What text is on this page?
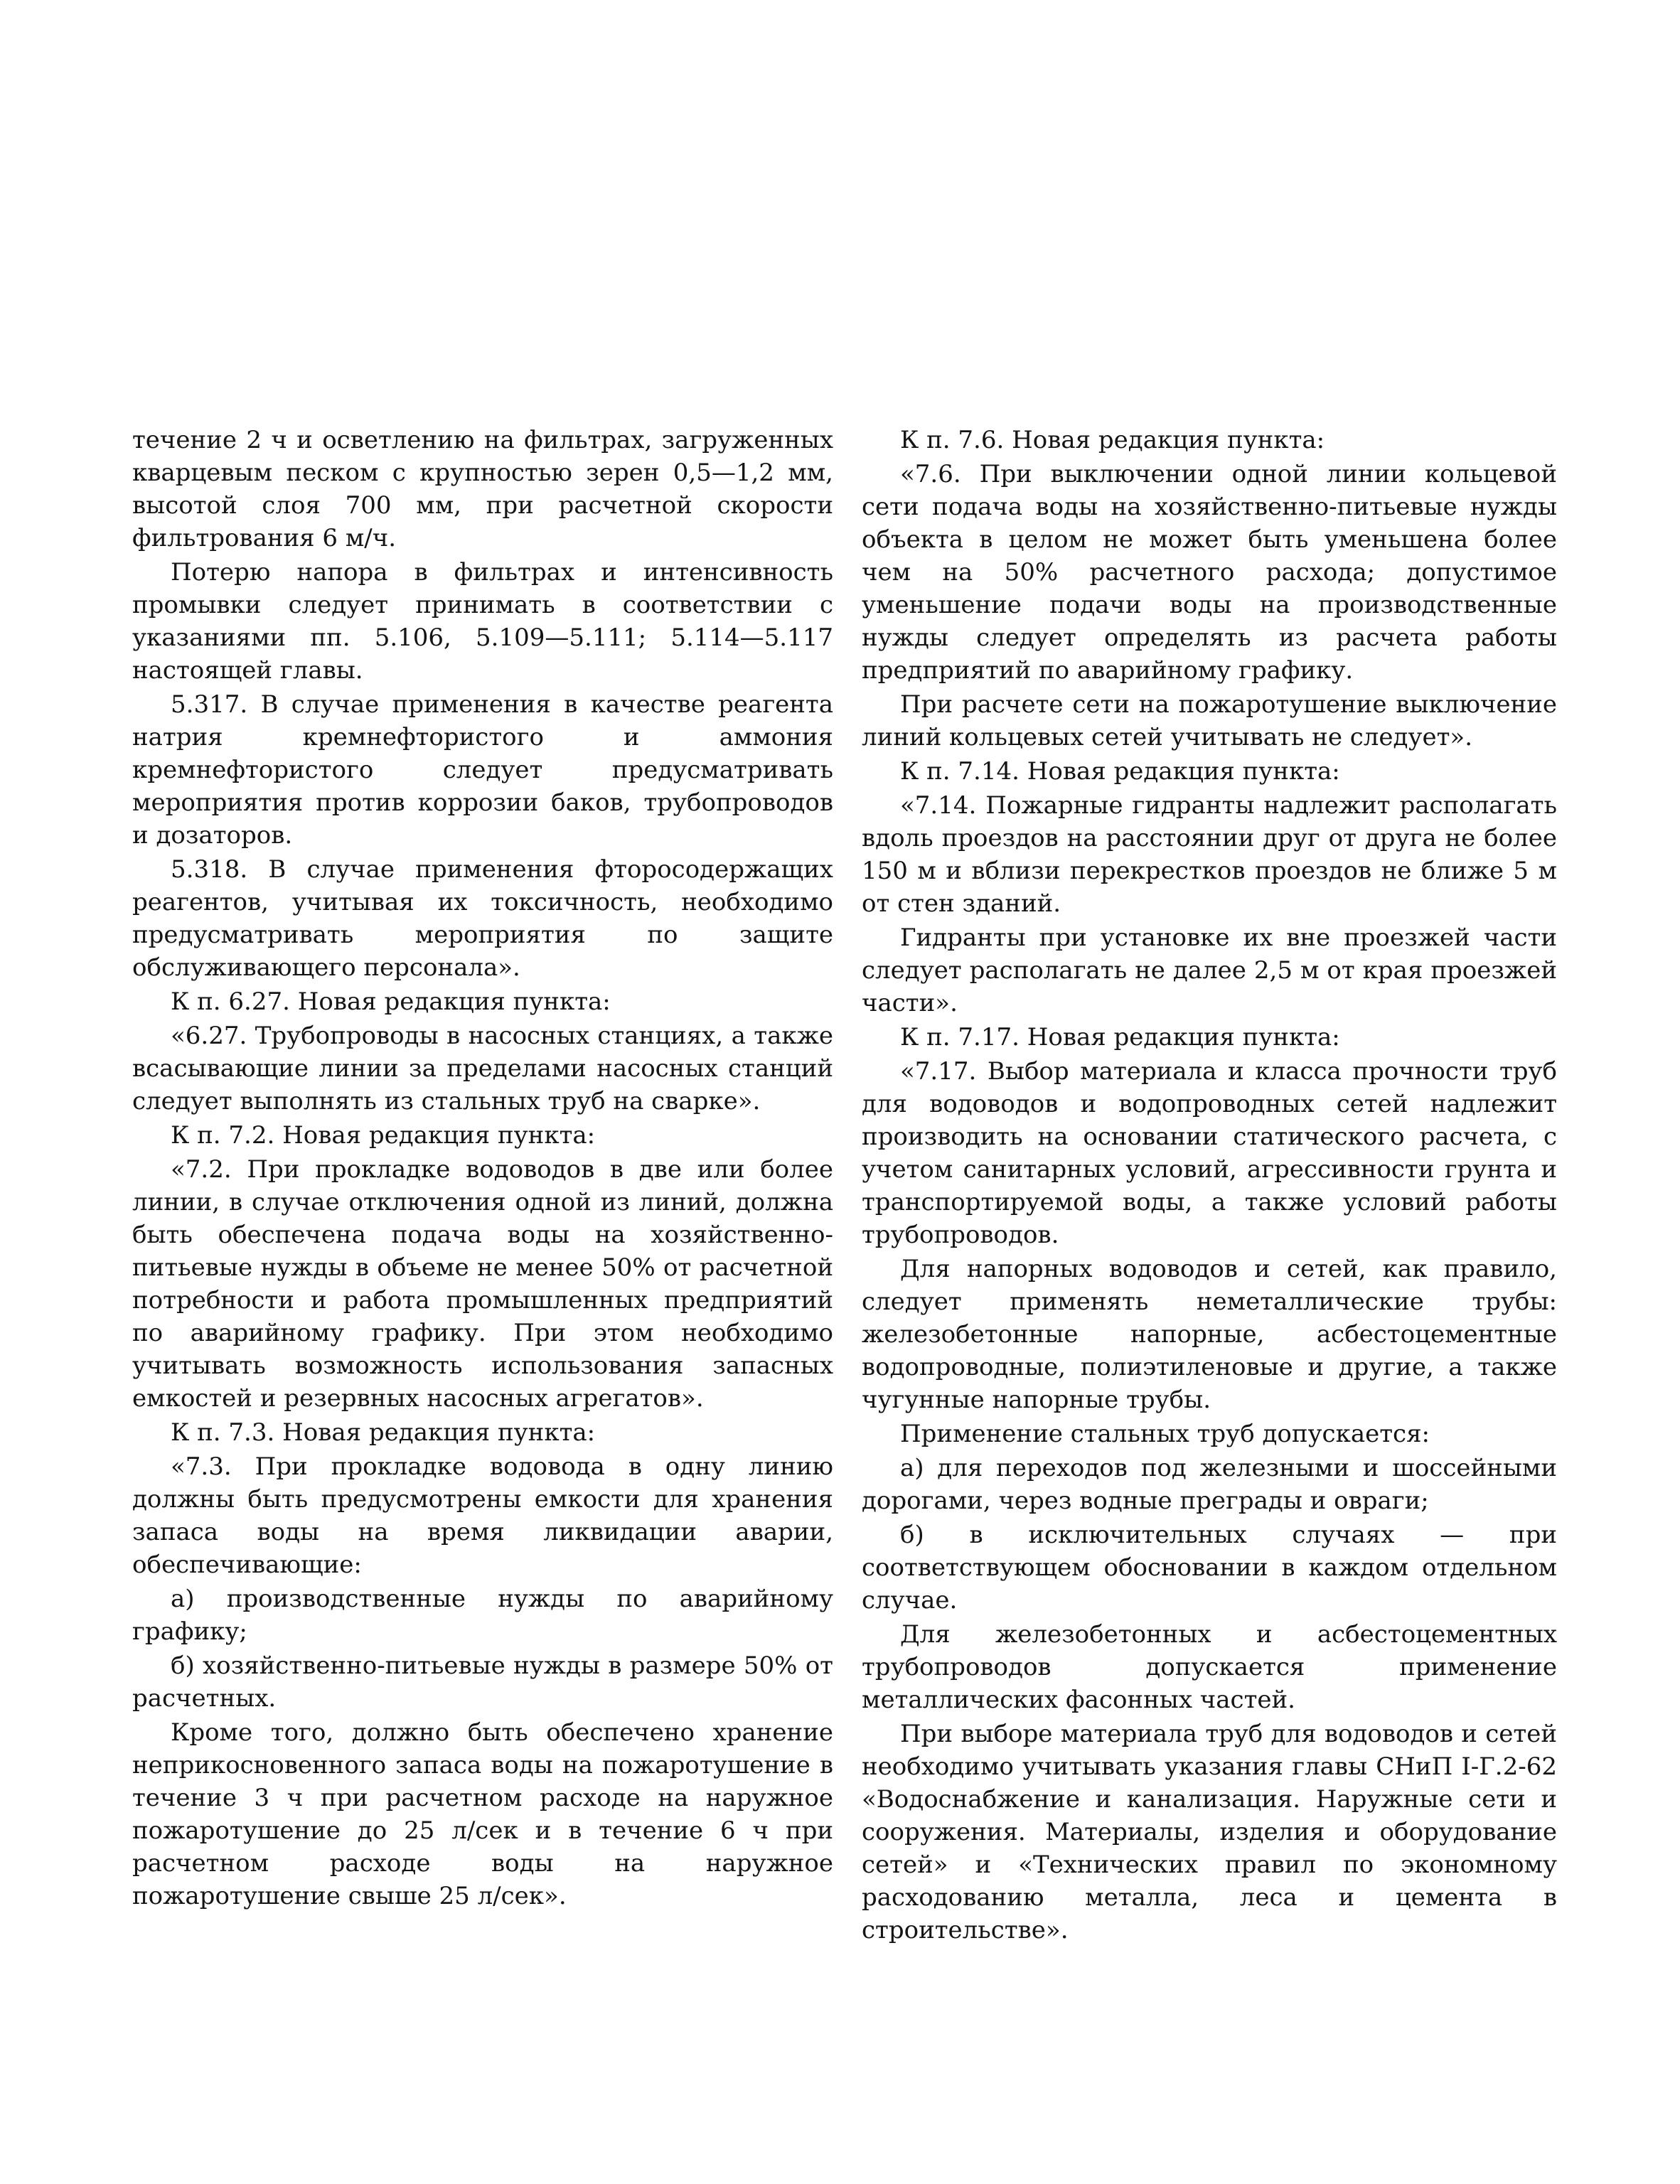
течение 2 ч и осветлению на фильтрах, загруженных кварцевым песком с крупностью зерен 0,5—1,2 мм, высотой слоя 700 мм, при расчетной скорости фильтрования 6 м/ч.

Потерю напора в фильтрах и интенсивность промывки следует принимать в соответствии с указаниями пп. 5.106, 5.109—5.111; 5.114—5.117 настоящей главы.

5.317. В случае применения в качестве реагента натрия кремнефтористого и аммония кремнефтористого следует предусматривать мероприятия против коррозии баков, трубопроводов и дозаторов.

5.318. В случае применения фторосодержащих реагентов, учитывая их токсичность, необходимо предусматривать мероприятия по защите обслуживающего персонала».

К п. 6.27. Новая редакция пункта:

«6.27. Трубопроводы в насосных станциях, а также всасывающие линии за пределами насосных станций следует выполнять из стальных труб на сварке».

К п. 7.2. Новая редакция пункта:

«7.2. При прокладке водоводов в две или более линии, в случае отключения одной из линий, должна быть обеспечена подача воды на хозяйственно-питьевые нужды в объеме не менее 50% от расчетной потребности и работа промышленных предприятий по аварийному графику. При этом необходимо учитывать возможность использования запасных емкостей и резервных насосных агрегатов».

К п. 7.3. Новая редакция пункта:

«7.3. При прокладке водовода в одну линию должны быть предусмотрены емкости для хранения запаса воды на время ликвидации аварии, обеспечивающие:

а) производственные нужды по аварийному графику;

б) хозяйственно-питьевые нужды в размере 50% от расчетных.

Кроме того, должно быть обеспечено хранение неприкосновенного запаса воды на пожаротушение в течение 3 ч при расчетном расходе на наружное пожаротушение до 25 л/сек и в течение 6 ч при расчетном расходе воды на наружное пожаротушение свыше 25 л/сек».

К п. 7.6. Новая редакция пункта:

«7.6. При выключении одной линии кольцевой сети подача воды на хозяйственно-питьевые нужды объекта в целом не может быть уменьшена более чем на 50% расчетного расхода; допустимое уменьшение подачи воды на производственные нужды следует определять из расчета работы предприятий по аварийному графику.

При расчете сети на пожаротушение выключение линий кольцевых сетей учитывать не следует».

К п. 7.14. Новая редакция пункта:

«7.14. Пожарные гидранты надлежит располагать вдоль проездов на расстоянии друг от друга не более 150 м и вблизи перекрестков проездов не ближе 5 м от стен зданий.

Гидранты при установке их вне проезжей части следует располагать не далее 2,5 м от края проезжей части».

К п. 7.17. Новая редакция пункта:

«7.17. Выбор материала и класса прочности труб для водоводов и водопроводных сетей надлежит производить на основании статического расчета, с учетом санитарных условий, агрессивности грунта и транспортируемой воды, а также условий работы трубопроводов.

Для напорных водоводов и сетей, как правило, следует применять неметаллические трубы: железобетонные напорные, асбестоцементные водопроводные, полиэтиленовые и другие, а также чугунные напорные трубы.

Применение стальных труб допускается:

а) для переходов под железными и шоссейными дорогами, через водные преграды и овраги;

б) в исключительных случаях — при соответствующем обосновании в каждом отдельном случае.

Для железобетонных и асбестоцементных трубопроводов допускается применение металлических фасонных частей.

При выборе материала труб для водоводов и сетей необходимо учитывать указания главы СНиП I-Г.2-62 «Водоснабжение и канализация. Наружные сети и сооружения. Материалы, изделия и оборудование сетей» и «Технических правил по экономному расходованию металла, леса и цемента в строительстве».
